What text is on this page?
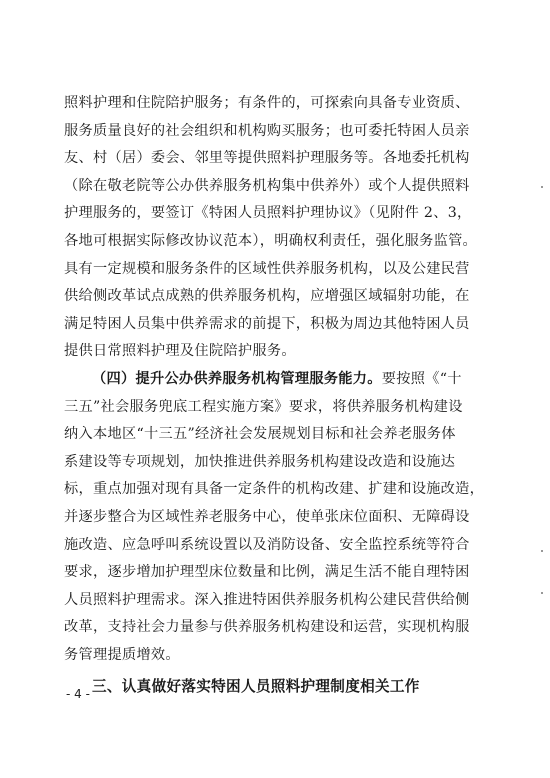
照料护理和住院陪护服务；有条件的，可探索向具备专业资质、
服务质量良好的社会组织和机构购买服务；也可委托特困人员亲
友、村（居）委会、邻里等提供照料护理服务等。各地委托机构
（除在敬老院等公办供养服务机构集中供养外）或个人提供照料
护理服务的，要签订《特困人员照料护理协议》（见附件 2、3，
各地可根据实际修改协议范本），明确权利责任，强化服务监管。
具有一定规模和服务条件的区域性供养服务机构，以及公建民营
供给侧改革试点成熟的供养服务机构，应增强区域辐射功能，在
满足特困人员集中供养需求的前提下，积极为周边其他特困人员
提供日常照料护理及住院陪护服务。
（四）提升公办供养服务机构管理服务能力。要按照《“十
三五”社会服务兜底工程实施方案》要求，将供养服务机构建设
纳入本地区“十三五”经济社会发展规划目标和社会养老服务体
系建设等专项规划，加快推进供养服务机构建设改造和设施达
标，重点加强对现有具备一定条件的机构改建、扩建和设施改造，
并逐步整合为区域性养老服务中心，使单张床位面积、无障碍设
施改造、应急呼叫系统设置以及消防设备、安全监控系统等符合
要求，逐步增加护理型床位数量和比例，满足生活不能自理特困
人员照料护理需求。深入推进特困供养服务机构公建民营供给侧
改革，支持社会力量参与供养服务机构建设和运营，实现机构服
务管理提质增效。
三、认真做好落实特困人员照料护理制度相关工作
- 4 -
